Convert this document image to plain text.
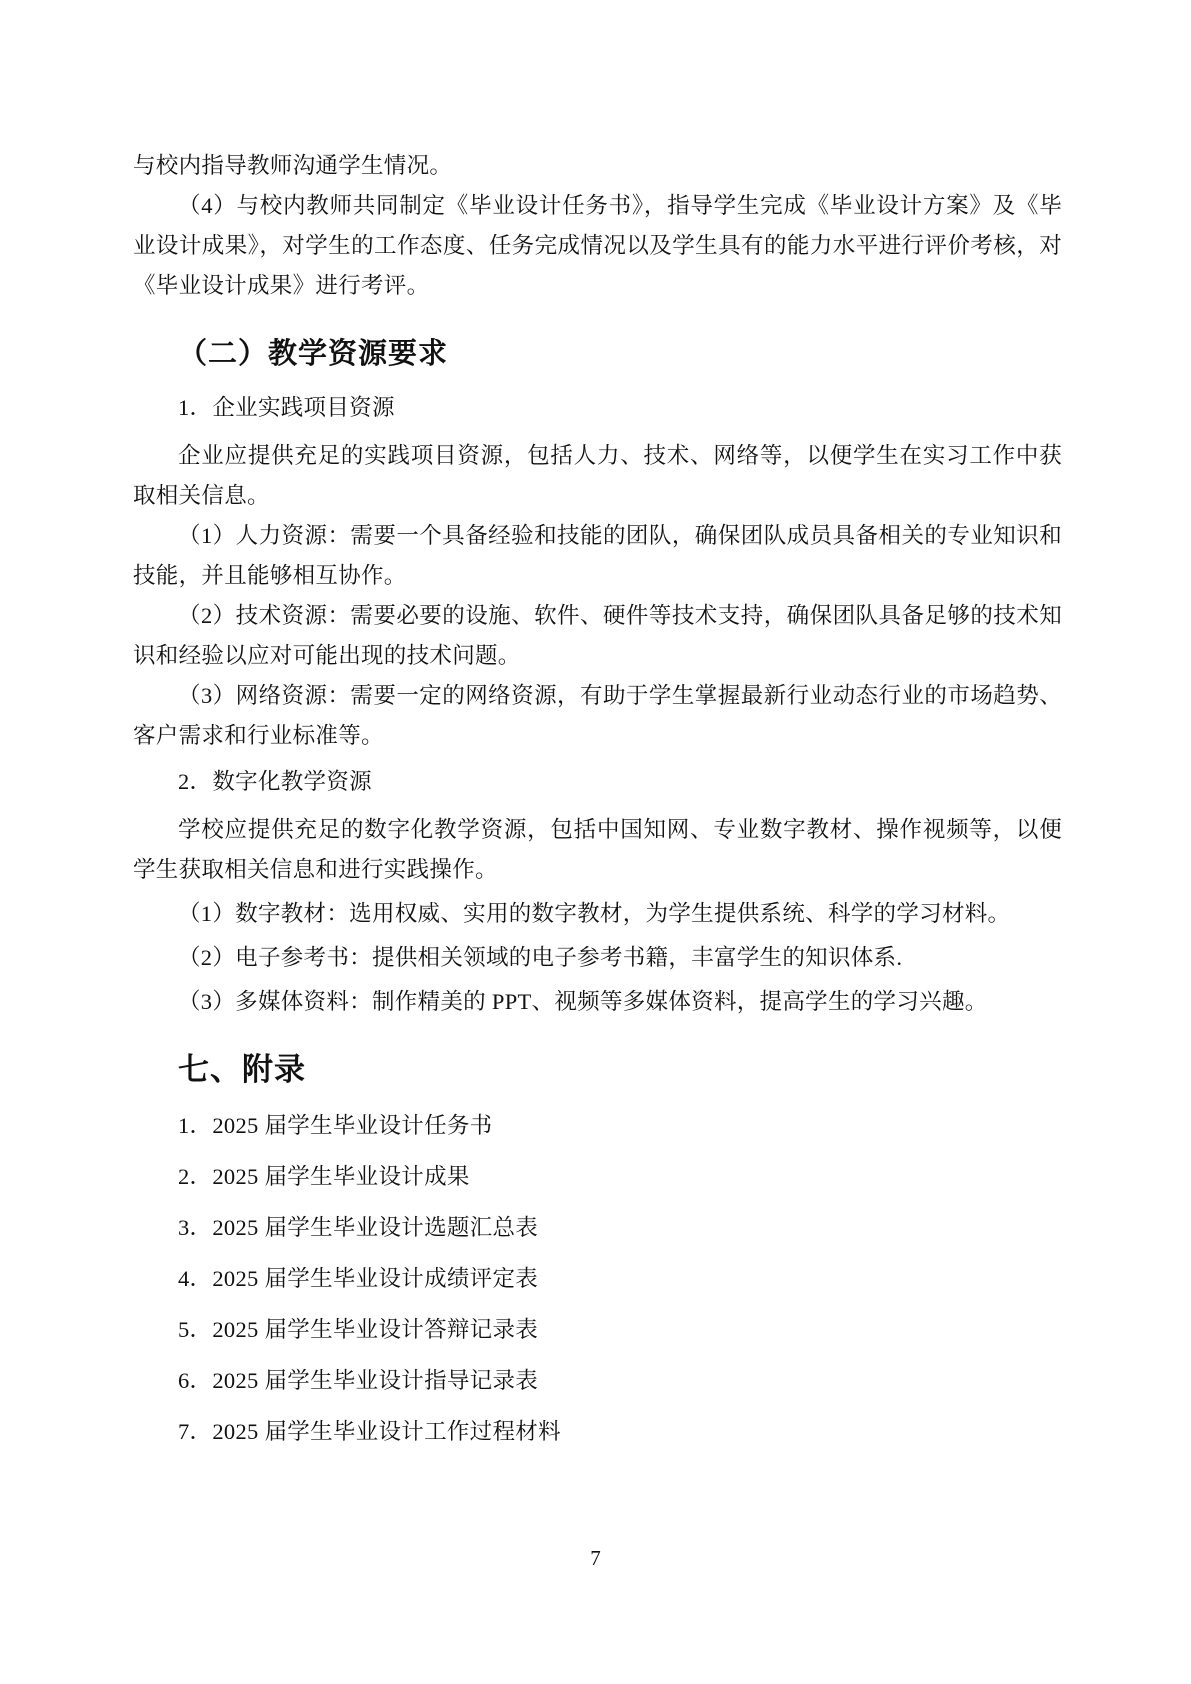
与校内指导教师沟通学生情况。

（4）与校内教师共同制定《毕业设计任务书》，指导学生完成《毕业设计方案》及《毕业设计成果》，对学生的工作态度、任务完成情况以及学生具有的能力水平进行评价考核，对《毕业设计成果》进行考评。

（二）教学资源要求

1．企业实践项目资源

企业应提供充足的实践项目资源，包括人力、技术、网络等，以便学生在实习工作中获取相关信息。

（1）人力资源：需要一个具备经验和技能的团队，确保团队成员具备相关的专业知识和技能，并且能够相互协作。

（2）技术资源：需要必要的设施、软件、硬件等技术支持，确保团队具备足够的技术知识和经验以应对可能出现的技术问题。

（3）网络资源：需要一定的网络资源，有助于学生掌握最新行业动态行业的市场趋势、客户需求和行业标准等。

2．数字化教学资源

学校应提供充足的数字化教学资源，包括中国知网、专业数字教材、操作视频等，以便学生获取相关信息和进行实践操作。

（1）数字教材：选用权威、实用的数字教材，为学生提供系统、科学的学习材料。

（2）电子参考书：提供相关领域的电子参考书籍，丰富学生的知识体系.

（3）多媒体资料：制作精美的 PPT、视频等多媒体资料，提高学生的学习兴趣。

七、附录

1．2025 届学生毕业设计任务书

2．2025 届学生毕业设计成果

3．2025 届学生毕业设计选题汇总表

4．2025 届学生毕业设计成绩评定表

5．2025 届学生毕业设计答辩记录表

6．2025 届学生毕业设计指导记录表

7．2025 届学生毕业设计工作过程材料

7
